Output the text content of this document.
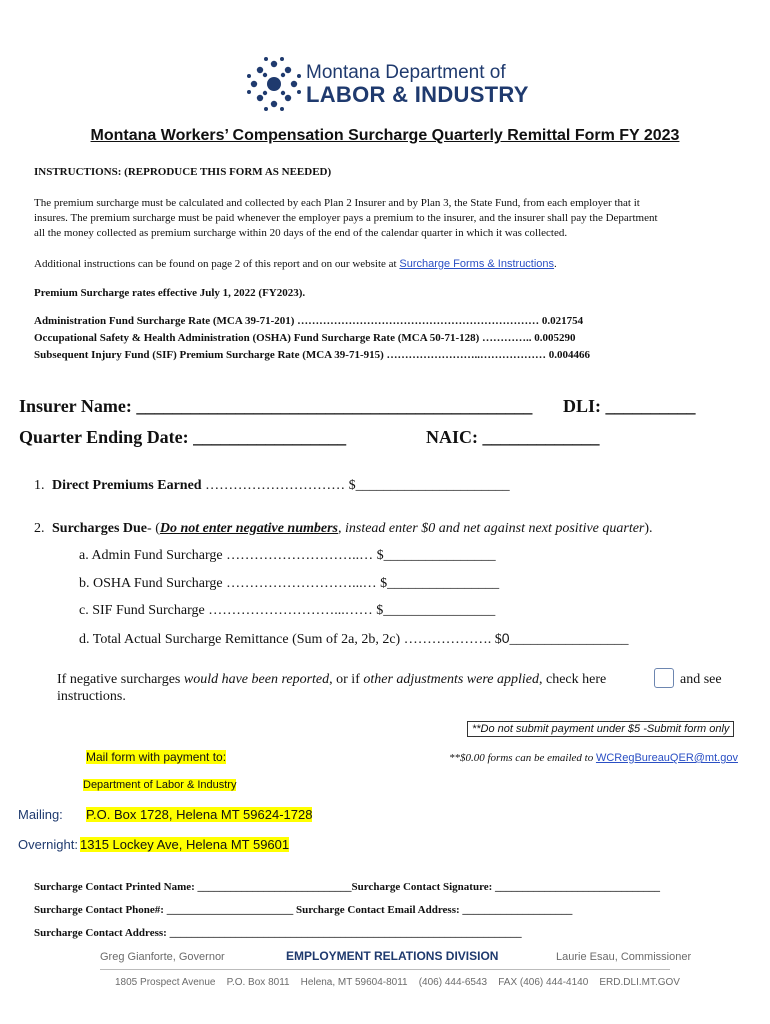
Montana Department of
LABOR & INDUSTRY
Montana Workers’ Compensation Surcharge Quarterly Remittal Form FY 2023
INSTRUCTIONS: (REPRODUCE THIS FORM AS NEEDED)
The premium surcharge must be calculated and collected by each Plan 2 Insurer and by Plan 3, the State Fund, from each employer that it
insures. The premium surcharge must be paid whenever the employer pays a premium to the insurer, and the insurer shall pay the Department
all the money collected as premium surcharge within 20 days of the end of the calendar quarter in which it was collected.
Additional instructions can be found on page 2 of this report and on our website at Surcharge Forms & Instructions.
Premium Surcharge rates effective July 1, 2022 (FY2023).
Administration Fund Surcharge Rate (MCA 39-71-201) ………………………………………………………… 0.021754
Occupational Safety & Health Administration (OSHA) Fund Surcharge Rate (MCA 50-71-128) ………….. 0.005290
Subsequent Injury Fund (SIF) Premium Surcharge Rate (MCA 39-71-915) ……………………..……………… 0.004466
Insurer Name: ____________________________________________ DLI: __________
Quarter Ending Date: _________________	NAIC: _____________
1. Direct Premiums Earned ………………………… $______________________
2. Surcharges Due- (Do not enter negative numbers, instead enter $0 and net against next positive quarter).
a. Admin Fund Surcharge ………………………..… $________________
b. OSHA Fund Surcharge ………………………...… $________________
c. SIF Fund Surcharge ………………………...…… $________________
d. Total Actual Surcharge Remittance (Sum of 2a, 2b, 2c) ………………. $0_________________
If negative surcharges would have been reported, or if other adjustments were applied, check here	and see
instructions.
**Do not submit payment under $5 -Submit form only
Mail form with payment to:	**$0.00 forms can be emailed to WCRegBureauQER@mt.gov
Department of Labor & Industry
Mailing: P.O. Box 1728, Helena MT 59624-1728
Overnight: 1315 Lockey Ave, Helena MT 59601
Surcharge Contact Printed Name: ____________________________Surcharge Contact Signature: ______________________________
Surcharge Contact Phone#: _______________________ Surcharge Contact Email Address: ____________________
Surcharge Contact Address: ________________________________________________________________
Greg Gianforte, Governor	EMPLOYMENT RELATIONS DIVISION	Laurie Esau, Commissioner
1805 Prospect Avenue    P.O. Box 8011    Helena, MT 59604-8011    (406) 444-6543    FAX (406) 444-4140    ERD.DLI.MT.GOV
